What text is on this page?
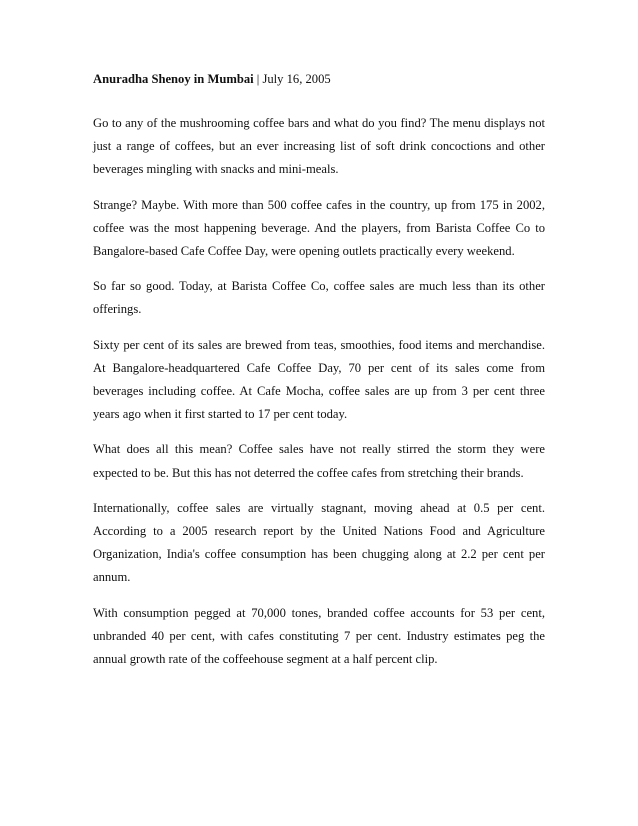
Anuradha Shenoy in Mumbai | July 16, 2005

Go to any of the mushrooming coffee bars and what do you find? The menu displays not just a range of coffees, but an ever increasing list of soft drink concoctions and other beverages mingling with snacks and mini-meals.

Strange? Maybe. With more than 500 coffee cafes in the country, up from 175 in 2002, coffee was the most happening beverage. And the players, from Barista Coffee Co to Bangalore-based Cafe Coffee Day, were opening outlets practically every weekend.

So far so good. Today, at Barista Coffee Co, coffee sales are much less than its other offerings.

Sixty per cent of its sales are brewed from teas, smoothies, food items and merchandise. At Bangalore-headquartered Cafe Coffee Day, 70 per cent of its sales come from beverages including coffee. At Cafe Mocha, coffee sales are up from 3 per cent three years ago when it first started to 17 per cent today.

What does all this mean? Coffee sales have not really stirred the storm they were expected to be. But this has not deterred the coffee cafes from stretching their brands.

Internationally, coffee sales are virtually stagnant, moving ahead at 0.5 per cent. According to a 2005 research report by the United Nations Food and Agriculture Organization, India's coffee consumption has been chugging along at 2.2 per cent per annum.

With consumption pegged at 70,000 tones, branded coffee accounts for 53 per cent, unbranded 40 per cent, with cafes constituting 7 per cent. Industry estimates peg the annual growth rate of the coffeehouse segment at a half percent clip.
